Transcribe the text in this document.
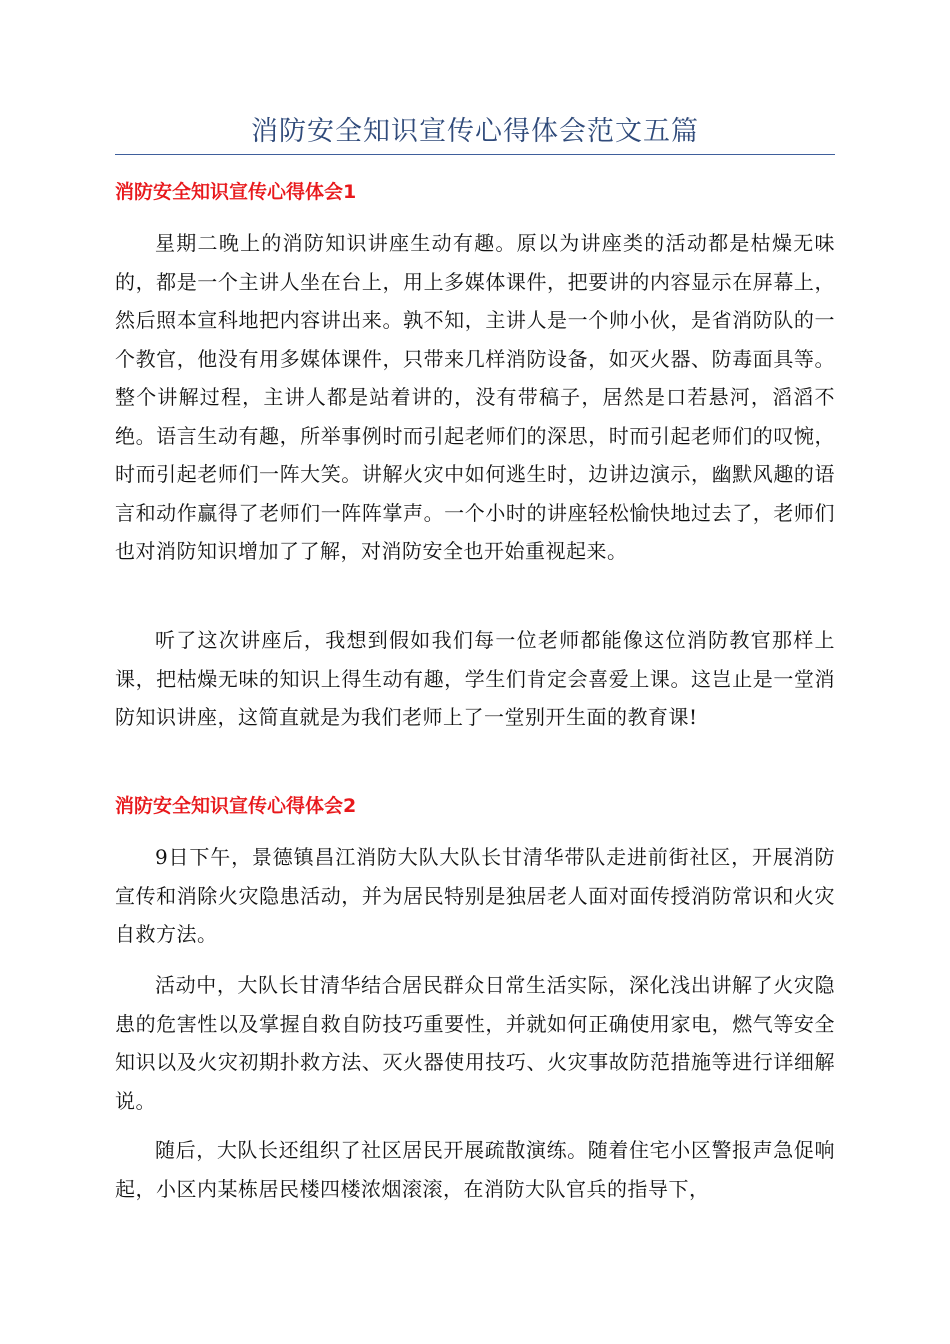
消防安全知识宣传心得体会范文五篇
消防安全知识宣传心得体会1

星期二晚上的消防知识讲座生动有趣。原以为讲座类的活动都是枯燥无味的，都是一个主讲人坐在台上，用上多媒体课件，把要讲的内容显示在屏幕上，然后照本宣科地把内容讲出来。孰不知，主讲人是一个帅小伙，是省消防队的一个教官，他没有用多媒体课件，只带来几样消防设备，如灭火器、防毒面具等。整个讲解过程，主讲人都是站着讲的，没有带稿子，居然是口若悬河，滔滔不绝。语言生动有趣，所举事例时而引起老师们的深思，时而引起老师们的叹惋，时而引起老师们一阵大笑。讲解火灾中如何逃生时，边讲边演示，幽默风趣的语言和动作赢得了老师们一阵阵掌声。一个小时的讲座轻松愉快地过去了，老师们也对消防知识增加了了解，对消防安全也开始重视起来。

听了这次讲座后，我想到假如我们每一位老师都能像这位消防教官那样上课，把枯燥无味的知识上得生动有趣，学生们肯定会喜爱上课。这岂止是一堂消防知识讲座，这简直就是为我们老师上了一堂别开生面的教育课!

消防安全知识宣传心得体会2

9日下午，景德镇昌江消防大队大队长甘清华带队走进前街社区，开展消防宣传和消除火灾隐患活动，并为居民特别是独居老人面对面传授消防常识和火灾自救方法。

活动中，大队长甘清华结合居民群众日常生活实际，深化浅出讲解了火灾隐患的危害性以及掌握自救自防技巧重要性，并就如何正确使用家电，燃气等安全知识以及火灾初期扑救方法、灭火器使用技巧、火灾事故防范措施等进行详细解说。

随后，大队长还组织了社区居民开展疏散演练。随着住宅小区警报声急促响起，小区内某栋居民楼四楼浓烟滚滚，在消防大队官兵的指导下，
